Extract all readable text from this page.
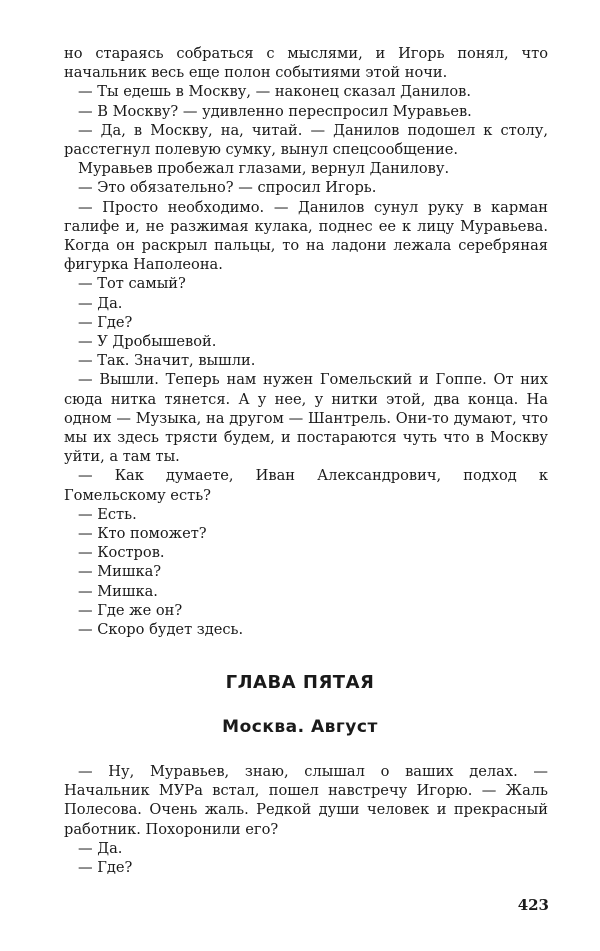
но стараясь собраться с мыслями, и Игорь понял, что начальник весь еще полон событиями этой ночи.

— Ты едешь в Москву, — наконец сказал Данилов.

— В Москву? — удивленно переспросил Муравьев.

— Да, в Москву, на, читай. — Данилов подошел к столу, расстегнул полевую сумку, вынул спецсообщение.

Муравьев пробежал глазами, вернул Данилову.

— Это обязательно? — спросил Игорь.

— Просто необходимо. — Данилов сунул руку в карман галифе и, не разжимая кулака, поднес ее к лицу Муравьева. Когда он раскрыл пальцы, то на ладони лежала серебряная фигурка Наполеона.

— Тот самый?

— Да.

— Где?

— У Дробышевой.

— Так. Значит, вышли.

— Вышли. Теперь нам нужен Гомельский и Гоппе. От них сюда нитка тянется. А у нее, у нитки этой, два конца. На одном — Музыка, на другом — Шантрель. Они-то думают, что мы их здесь трясти будем, и постараются чуть что в Москву уйти, а там ты.

— Как думаете, Иван Александрович, подход к Гомельскому есть?

— Есть.

— Кто поможет?

— Костров.

— Мишка?

— Мишка.

— Где же он?

— Скоро будет здесь.

ГЛАВА ПЯТАЯ
Москва. Август

— Ну, Муравьев, знаю, слышал о ваших делах. — Начальник МУРа встал, пошел навстречу Игорю. — Жаль Полесова. Очень жаль. Редкой души человек и прекрасный работник. Похоронили его?

— Да.

— Где?

423
